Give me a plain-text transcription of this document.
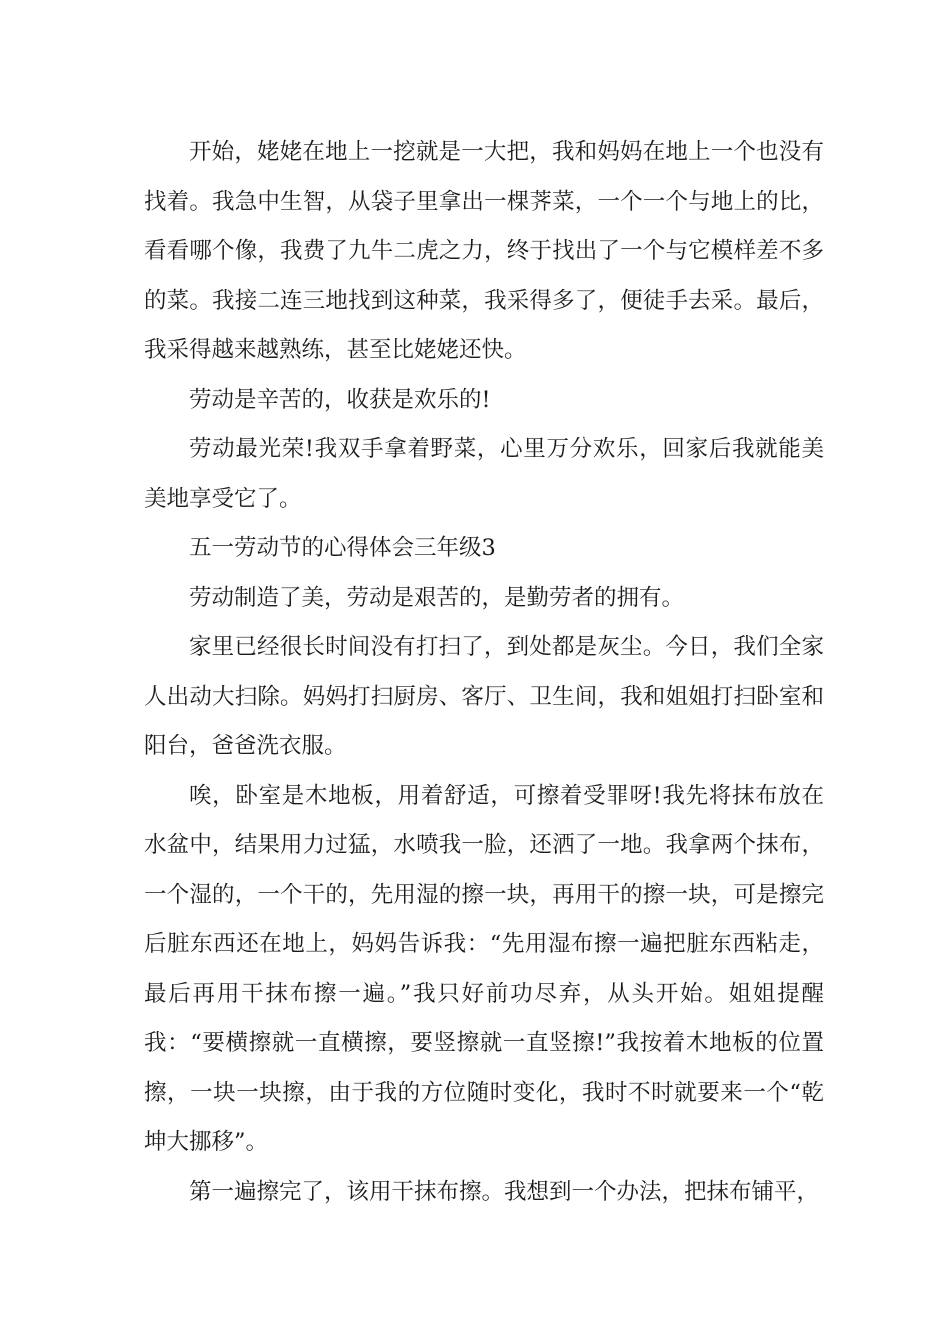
开始，姥姥在地上一挖就是一大把，我和妈妈在地上一个也没有找着。我急中生智，从袋子里拿出一棵荠菜，一个一个与地上的比，看看哪个像，我费了九牛二虎之力，终于找出了一个与它模样差不多的菜。我接二连三地找到这种菜，我采得多了，便徒手去采。最后，我采得越来越熟练，甚至比姥姥还快。

劳动是辛苦的，收获是欢乐的!

劳动最光荣!我双手拿着野菜，心里万分欢乐，回家后我就能美美地享受它了。

五一劳动节的心得体会三年级3

劳动制造了美，劳动是艰苦的，是勤劳者的拥有。

家里已经很长时间没有打扫了，到处都是灰尘。今日，我们全家人出动大扫除。妈妈打扫厨房、客厅、卫生间，我和姐姐打扫卧室和阳台，爸爸洗衣服。

唉，卧室是木地板，用着舒适，可擦着受罪呀!我先将抹布放在水盆中，结果用力过猛，水喷我一脸，还洒了一地。我拿两个抹布，一个湿的，一个干的，先用湿的擦一块，再用干的擦一块，可是擦完后脏东西还在地上，妈妈告诉我：“先用湿布擦一遍把脏东西粘走，最后再用干抹布擦一遍。”我只好前功尽弃，从头开始。姐姐提醒我：“要横擦就一直横擦，要竖擦就一直竖擦!”我按着木地板的位置擦，一块一块擦，由于我的方位随时变化，我时不时就要来一个“乾坤大挪移”。

第一遍擦完了，该用干抹布擦。我想到一个办法，把抹布铺平，
